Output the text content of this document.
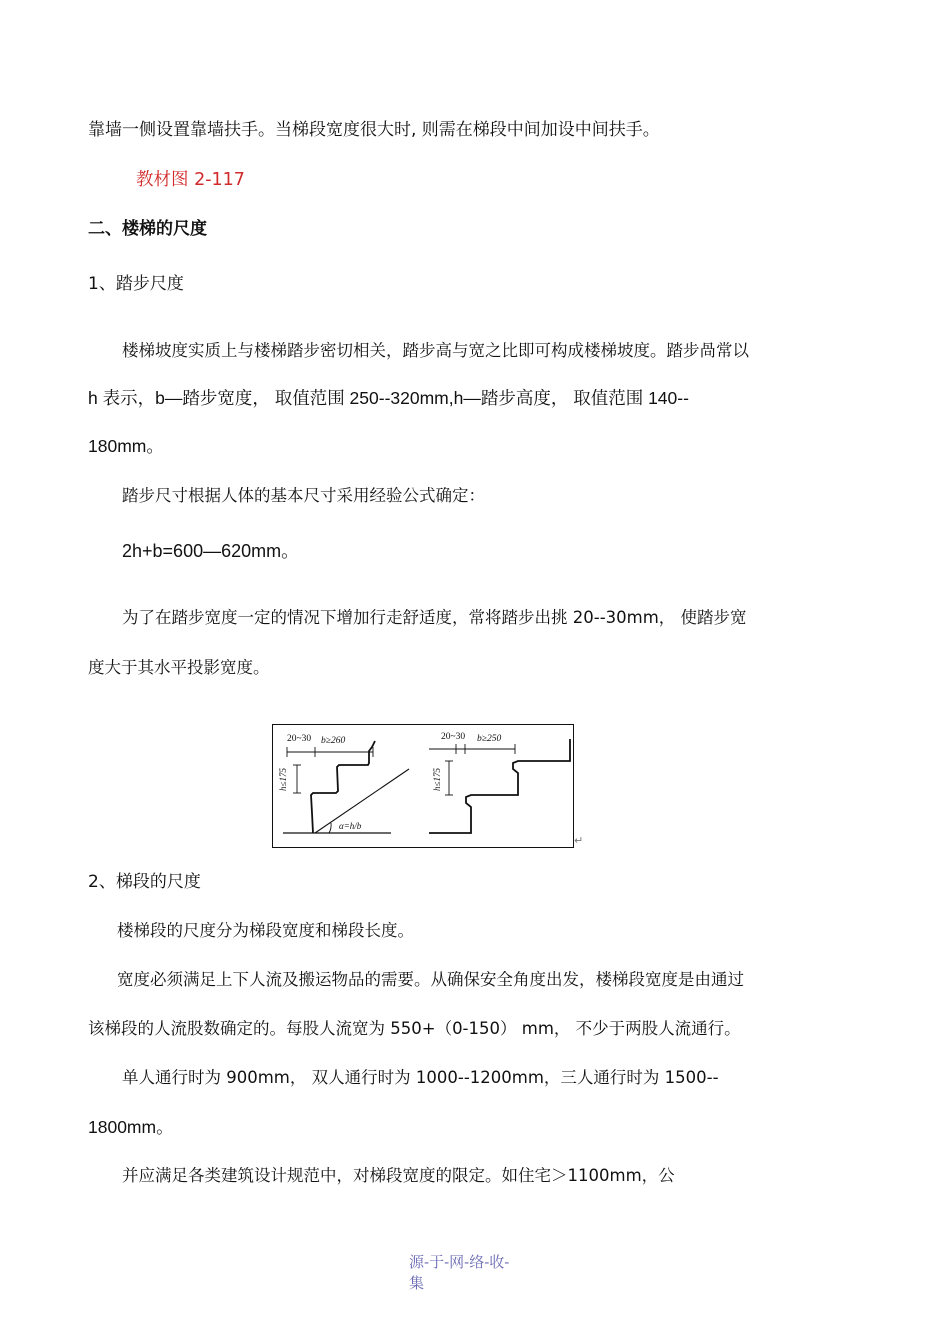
靠墙一侧设置靠墙扶手。当梯段宽度很大时, 则需在梯段中间加设中间扶手。
教材图 2-117
二、楼梯的尺度
1、踏步尺度
楼梯坡度实质上与楼梯踏步密切相关，踏步高与宽之比即可构成楼梯坡度。踏步咼常以
h 表示，b—踏步宽度， 取值范围 250--320mm,h—踏步高度， 取值范围 140--
180mm。
踏步尺寸根据人体的基本尺寸采用经验公式确定：
2h+b=600—620mm。
为了在踏步宽度一定的情况下增加行走舒适度，常将踏步出挑 20--30mm， 使踏步宽
度大于其水平投影宽度。
20~30 b≥260
h≤175
α=h/b
20~30 b≥250
h≤175
↵
2、梯段的尺度
楼梯段的尺度分为梯段宽度和梯段长度。
宽度必须满足上下人流及搬运物品的需要。从确保安全角度出发，楼梯段宽度是由通过
该梯段的人流股数确定的。每股人流宽为 550+（0-150） mm， 不少于两股人流通行。
单人通行时为 900mm， 双人通行时为 1000--1200mm，三人通行时为 1500--
1800mm。
并应满足各类建筑设计规范中，对梯段宽度的限定。如住宅＞1100mm，公
源-于-网-络-收-
集
